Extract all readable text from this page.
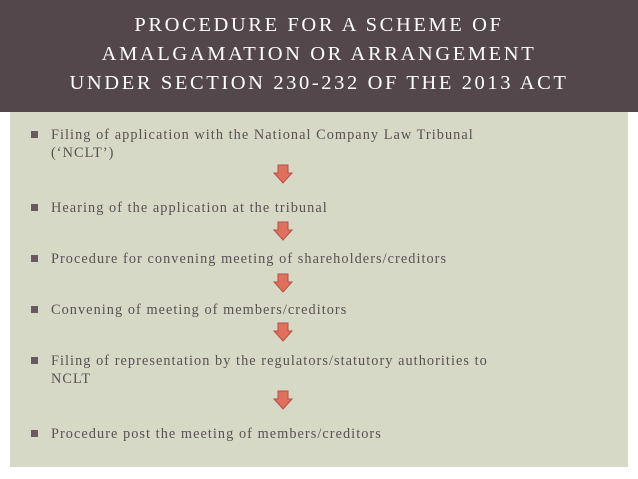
PROCEDURE FOR A SCHEME OF
AMALGAMATION OR ARRANGEMENT
UNDER SECTION 230-232 OF THE 2013 ACT
Filing of application with the National Company Law Tribunal
(‘NCLT’)
Hearing of the application at the tribunal
Procedure for convening meeting of shareholders/creditors
Convening of meeting of members/creditors
Filing of representation by the regulators/statutory authorities to
NCLT
Procedure post the meeting of members/creditors
